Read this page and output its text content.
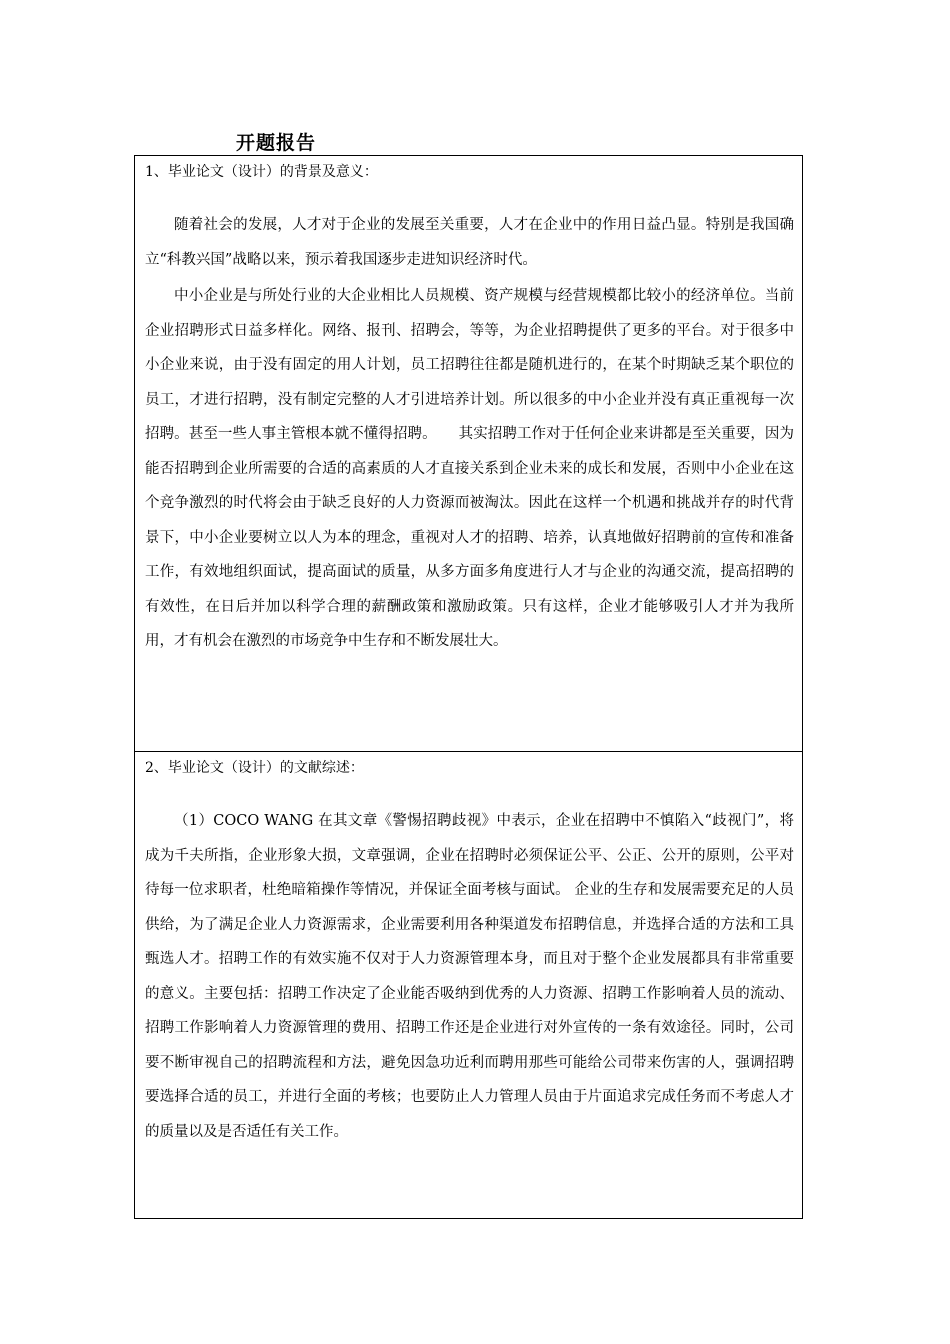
开题报告

1、毕业论文（设计）的背景及意义：

随着社会的发展，人才对于企业的发展至关重要，人才在企业中的作用日益凸显。特别是我国确立“科教兴国”战略以来，预示着我国逐步走进知识经济时代。

中小企业是与所处行业的大企业相比人员规模、资产规模与经营规模都比较小的经济单位。当前企业招聘形式日益多样化。网络、报刊、招聘会，等等，为企业招聘提供了更多的平台。对于很多中小企业来说，由于没有固定的用人计划，员工招聘往往都是随机进行的，在某个时期缺乏某个职位的员工，才进行招聘，没有制定完整的人才引进培养计划。所以很多的中小企业并没有真正重视每一次招聘。甚至一些人事主管根本就不懂得招聘。　　其实招聘工作对于任何企业来讲都是至关重要，因为能否招聘到企业所需要的合适的高素质的人才直接关系到企业未来的成长和发展，否则中小企业在这个竞争激烈的时代将会由于缺乏良好的人力资源而被淘汰。因此在这样一个机遇和挑战并存的时代背景下，中小企业要树立以人为本的理念，重视对人才的招聘、培养，认真地做好招聘前的宣传和准备工作，有效地组织面试，提高面试的质量，从多方面多角度进行人才与企业的沟通交流，提高招聘的有效性，在日后并加以科学合理的薪酬政策和激励政策。只有这样，企业才能够吸引人才并为我所用，才有机会在激烈的市场竞争中生存和不断发展壮大。

2、毕业论文（设计）的文献综述：

（1）COCO WANG 在其文章《警惕招聘歧视》中表示，企业在招聘中不慎陷入“歧视门”，将成为千夫所指，企业形象大损，文章强调，企业在招聘时必须保证公平、公正、公开的原则，公平对待每一位求职者，杜绝暗箱操作等情况，并保证全面考核与面试。 企业的生存和发展需要充足的人员供给，为了满足企业人力资源需求，企业需要利用各种渠道发布招聘信息，并选择合适的方法和工具甄选人才。招聘工作的有效实施不仅对于人力资源管理本身，而且对于整个企业发展都具有非常重要的意义。主要包括：招聘工作决定了企业能否吸纳到优秀的人力资源、招聘工作影响着人员的流动、招聘工作影响着人力资源管理的费用、招聘工作还是企业进行对外宣传的一条有效途径。同时，公司要不断审视自己的招聘流程和方法，避免因急功近利而聘用那些可能给公司带来伤害的人，强调招聘要选择合适的员工，并进行全面的考核；也要防止人力管理人员由于片面追求完成任务而不考虑人才的质量以及是否适任有关工作。
